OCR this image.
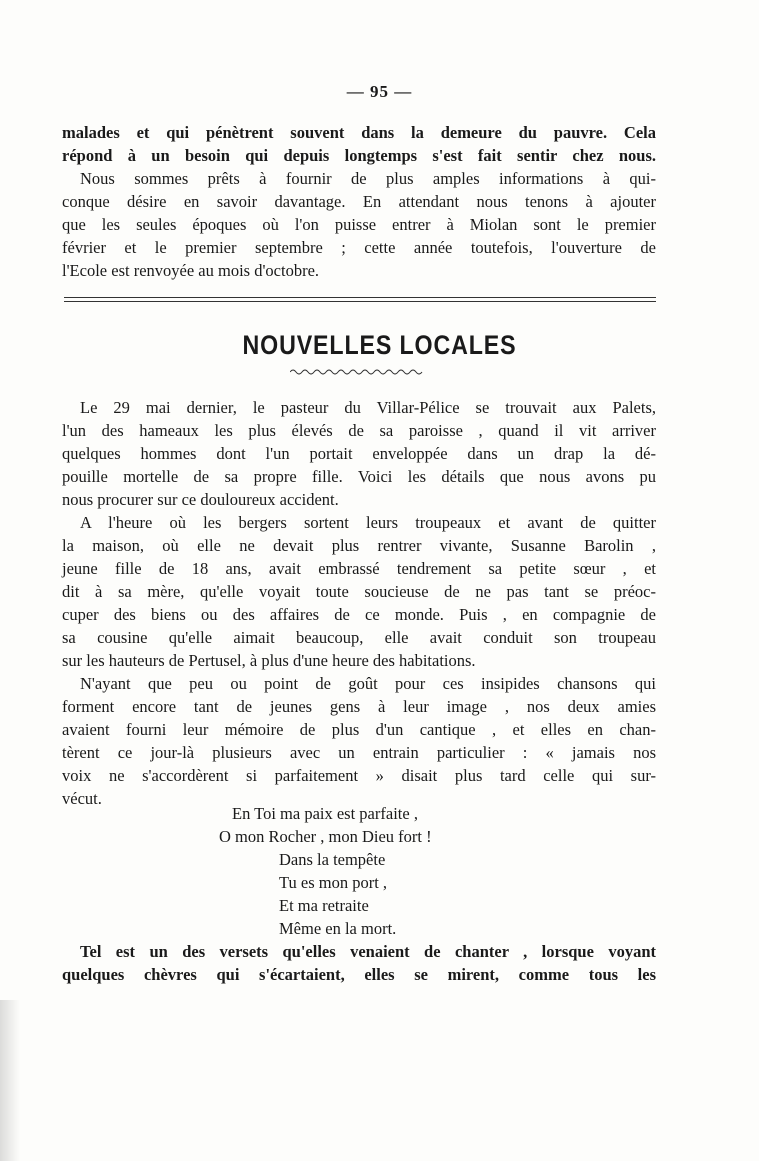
— 95 —
malades et qui pénètrent souvent dans la demeure du pauvre. Cela
répond à un besoin qui depuis longtemps s'est fait sentir chez nous.
Nous sommes prêts à fournir de plus amples informations à qui-
conque désire en savoir davantage. En attendant nous tenons à ajouter
que les seules époques où l'on puisse entrer à Miolan sont le premier
février et le premier septembre ; cette année toutefois, l'ouverture de
l'Ecole est renvoyée au mois d'octobre.
NOUVELLES LOCALES
Le 29 mai dernier, le pasteur du Villar-Pélice se trouvait aux Palets,
l'un des hameaux les plus élevés de sa paroisse , quand il vit arriver
quelques hommes dont l'un portait enveloppée dans un drap la dé-
pouille mortelle de sa propre fille. Voici les détails que nous avons pu
nous procurer sur ce douloureux accident.
A l'heure où les bergers sortent leurs troupeaux et avant de quitter
la maison, où elle ne devait plus rentrer vivante, Susanne Barolin ,
jeune fille de 18 ans, avait embrassé tendrement sa petite sœur , et
dit à sa mère, qu'elle voyait toute soucieuse de ne pas tant se préoc-
cuper des biens ou des affaires de ce monde. Puis , en compagnie de
sa cousine qu'elle aimait beaucoup, elle avait conduit son troupeau
sur les hauteurs de Pertusel, à plus d'une heure des habitations.
N'ayant que peu ou point de goût pour ces insipides chansons qui
forment encore tant de jeunes gens à leur image , nos deux amies
avaient fourni leur mémoire de plus d'un cantique , et elles en chan-
tèrent ce jour-là plusieurs avec un entrain particulier : « jamais nos
voix ne s'accordèrent si parfaitement » disait plus tard celle qui sur-
vécut.
En Toi ma paix est parfaite ,
O mon Rocher , mon Dieu fort !
Dans la tempête
Tu es mon port ,
Et ma retraite
Même en la mort.
Tel est un des versets qu'elles venaient de chanter , lorsque voyant
quelques chèvres qui s'écartaient, elles se mirent, comme tous les
